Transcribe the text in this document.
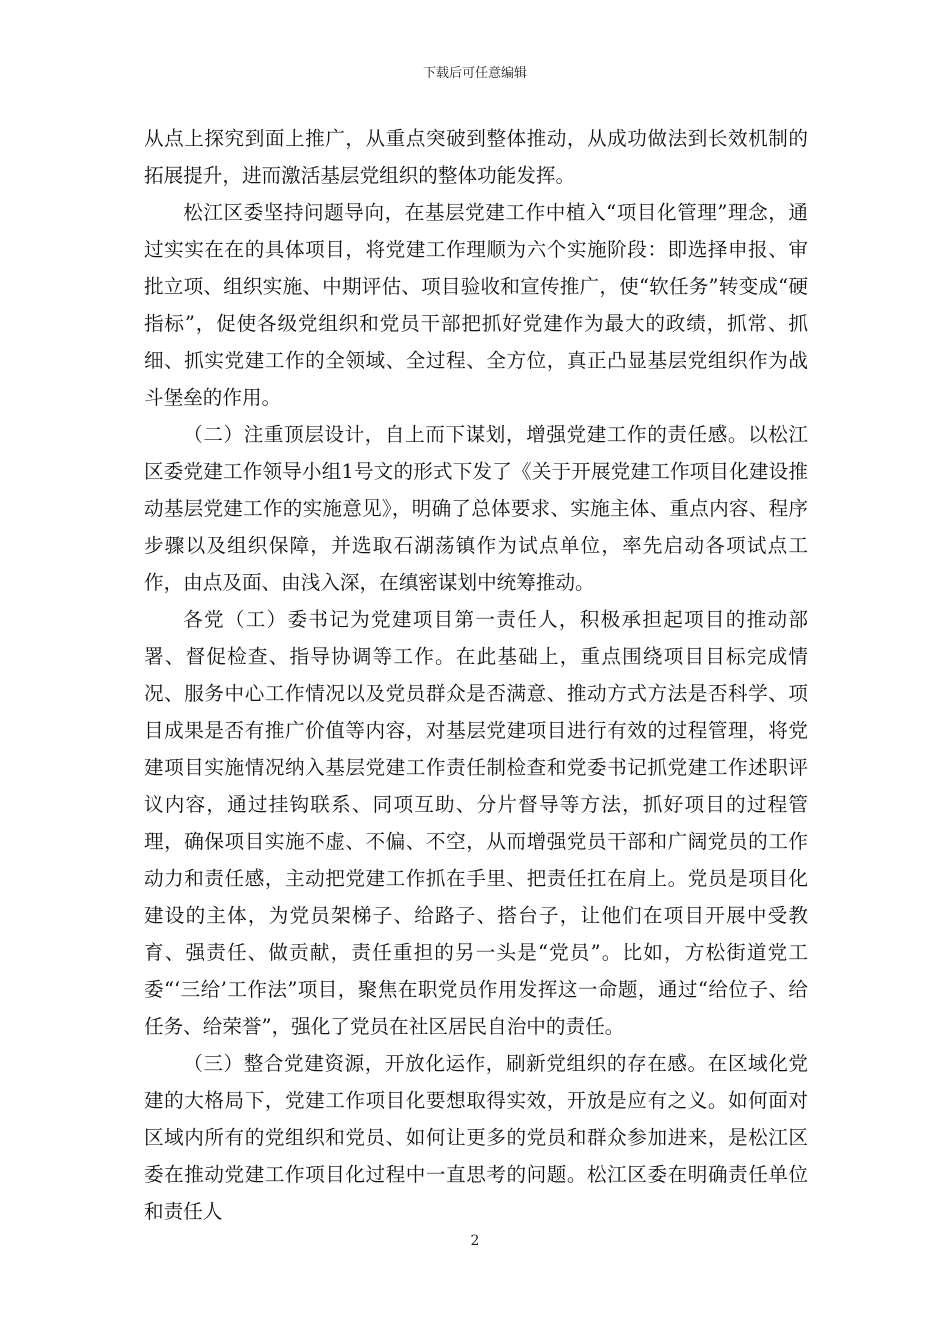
下载后可任意编辑

从点上探究到面上推广，从重点突破到整体推动，从成功做法到长效机制的拓展提升，进而激活基层党组织的整体功能发挥。

松江区委坚持问题导向，在基层党建工作中植入“项目化管理”理念，通过实实在在的具体项目，将党建工作理顺为六个实施阶段：即选择申报、审批立项、组织实施、中期评估、项目验收和宣传推广，使“软任务”转变成“硬指标”，促使各级党组织和党员干部把抓好党建作为最大的政绩，抓常、抓细、抓实党建工作的全领域、全过程、全方位，真正凸显基层党组织作为战斗堡垒的作用。

（二）注重顶层设计，自上而下谋划，增强党建工作的责任感。以松江区委党建工作领导小组1号文的形式下发了《关于开展党建工作项目化建设推动基层党建工作的实施意见》，明确了总体要求、实施主体、重点内容、程序步骤以及组织保障，并选取石湖荡镇作为试点单位，率先启动各项试点工作，由点及面、由浅入深，在缜密谋划中统筹推动。

各党（工）委书记为党建项目第一责任人，积极承担起项目的推动部署、督促检查、指导协调等工作。在此基础上，重点围绕项目目标完成情况、服务中心工作情况以及党员群众是否满意、推动方式方法是否科学、项目成果是否有推广价值等内容，对基层党建项目进行有效的过程管理，将党建项目实施情况纳入基层党建工作责任制检查和党委书记抓党建工作述职评议内容，通过挂钩联系、同项互助、分片督导等方法，抓好项目的过程管理，确保项目实施不虚、不偏、不空，从而增强党员干部和广阔党员的工作动力和责任感，主动把党建工作抓在手里、把责任扛在肩上。党员是项目化建设的主体，为党员架梯子、给路子、搭台子，让他们在项目开展中受教育、强责任、做贡献，责任重担的另一头是“党员”。比如，方松街道党工委“‘三给’工作法”项目，聚焦在职党员作用发挥这一命题，通过“给位子、给任务、给荣誉”，强化了党员在社区居民自治中的责任。

（三）整合党建资源，开放化运作，刷新党组织的存在感。在区域化党建的大格局下，党建工作项目化要想取得实效，开放是应有之义。如何面对区域内所有的党组织和党员、如何让更多的党员和群众参加进来，是松江区委在推动党建工作项目化过程中一直思考的问题。松江区委在明确责任单位和责任人

2
